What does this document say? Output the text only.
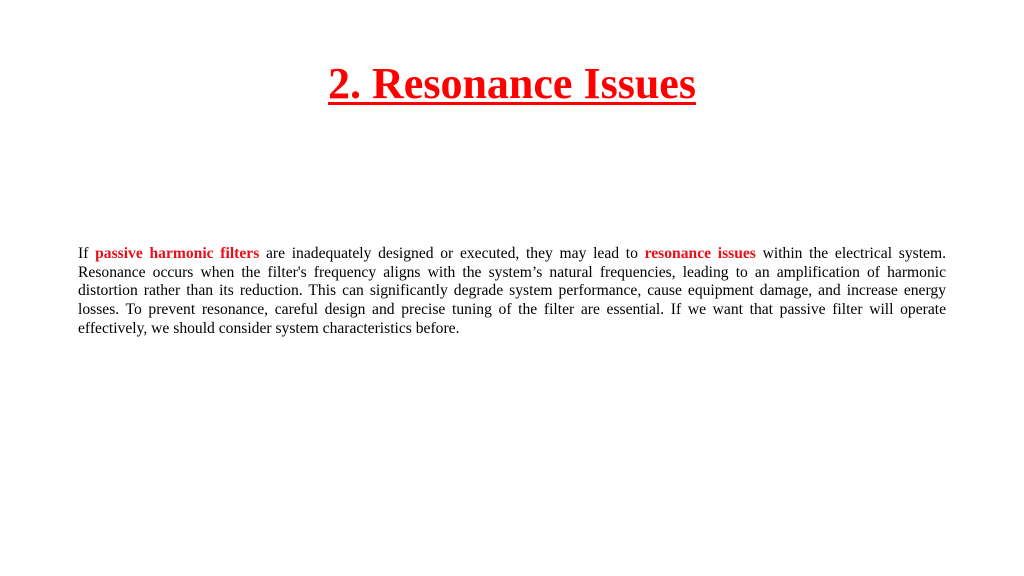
2. Resonance Issues

If passive harmonic filters are inadequately designed or executed, they may lead to resonance issues within the electrical system. Resonance occurs when the filter's frequency aligns with the system’s natural frequencies, leading to an amplification of harmonic distortion rather than its reduction. This can significantly degrade system performance, cause equipment damage, and increase energy losses. To prevent resonance, careful design and precise tuning of the filter are essential. If we want that passive filter will operate effectively, we should consider system characteristics before.
